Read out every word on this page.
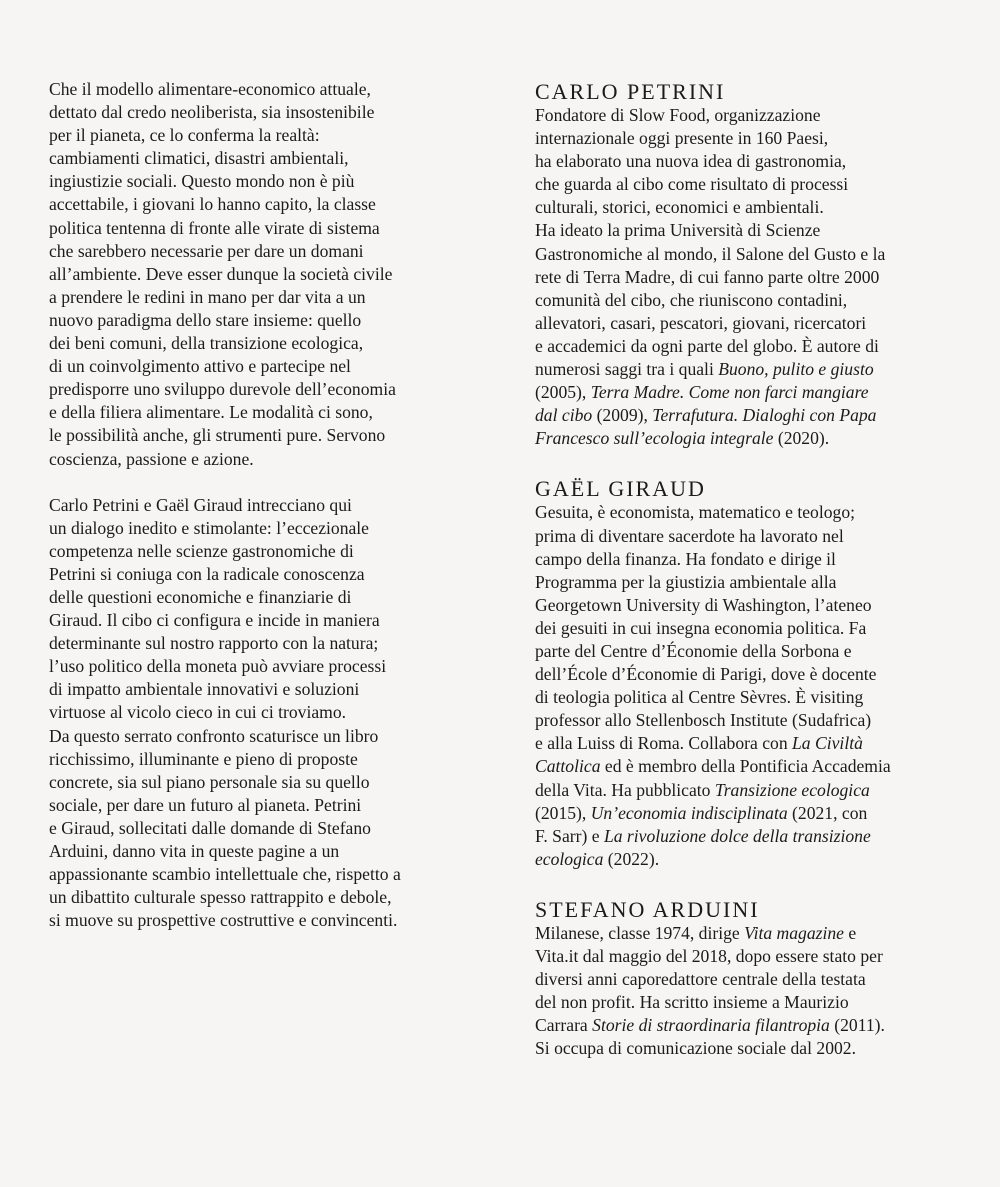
Che il modello alimentare-economico attuale,
dettato dal credo neoliberista, sia insostenibile
per il pianeta, ce lo conferma la realtà:
cambiamenti climatici, disastri ambientali,
ingiustizie sociali. Questo mondo non è più
accettabile, i giovani lo hanno capito, la classe
politica tentenna di fronte alle virate di sistema
che sarebbero necessarie per dare un domani
all’ambiente. Deve esser dunque la società civile
a prendere le redini in mano per dar vita a un
nuovo paradigma dello stare insieme: quello
dei beni comuni, della transizione ecologica,
di un coinvolgimento attivo e partecipe nel
predisporre uno sviluppo durevole dell’economia
e della filiera alimentare. Le modalità ci sono,
le possibilità anche, gli strumenti pure. Servono
coscienza, passione e azione.
Carlo Petrini e Gaël Giraud intrecciano qui
un dialogo inedito e stimolante: l’eccezionale
competenza nelle scienze gastronomiche di
Petrini si coniuga con la radicale conoscenza
delle questioni economiche e finanziarie di
Giraud. Il cibo ci configura e incide in maniera
determinante sul nostro rapporto con la natura;
l’uso politico della moneta può avviare processi
di impatto ambientale innovativi e soluzioni
virtuose al vicolo cieco in cui ci troviamo.
Da questo serrato confronto scaturisce un libro
ricchissimo, illuminante e pieno di proposte
concrete, sia sul piano personale sia su quello
sociale, per dare un futuro al pianeta. Petrini
e Giraud, sollecitati dalle domande di Stefano
Arduini, danno vita in queste pagine a un
appassionante scambio intellettuale che, rispetto a
un dibattito culturale spesso rattrappito e debole,
si muove su prospettive costruttive e convincenti.
CARLO PETRINI
Fondatore di Slow Food, organizzazione
internazionale oggi presente in 160 Paesi,
ha elaborato una nuova idea di gastronomia,
che guarda al cibo come risultato di processi
culturali, storici, economici e ambientali.
Ha ideato la prima Università di Scienze
Gastronomiche al mondo, il Salone del Gusto e la
rete di Terra Madre, di cui fanno parte oltre 2000
comunità del cibo, che riuniscono contadini,
allevatori, casari, pescatori, giovani, ricercatori
e accademici da ogni parte del globo. È autore di
numerosi saggi tra i quali Buono, pulito e giusto
(2005), Terra Madre. Come non farci mangiare
dal cibo (2009), Terrafutura. Dialoghi con Papa
Francesco sull’ecologia integrale (2020).
GAËL GIRAUD
Gesuita, è economista, matematico e teologo;
prima di diventare sacerdote ha lavorato nel
campo della finanza. Ha fondato e dirige il
Programma per la giustizia ambientale alla
Georgetown University di Washington, l’ateneo
dei gesuiti in cui insegna economia politica. Fa
parte del Centre d’Économie della Sorbona e
dell’École d’Économie di Parigi, dove è docente
di teologia politica al Centre Sèvres. È visiting
professor allo Stellenbosch Institute (Sudafrica)
e alla Luiss di Roma. Collabora con La Civiltà
Cattolica ed è membro della Pontificia Accademia
della Vita. Ha pubblicato Transizione ecologica
(2015), Un’economia indisciplinata (2021, con
F. Sarr) e La rivoluzione dolce della transizione
ecologica (2022).
STEFANO ARDUINI
Milanese, classe 1974, dirige Vita magazine e
Vita.it dal maggio del 2018, dopo essere stato per
diversi anni caporedattore centrale della testata
del non profit. Ha scritto insieme a Maurizio
Carrara Storie di straordinaria filantropia (2011).
Si occupa di comunicazione sociale dal 2002.
